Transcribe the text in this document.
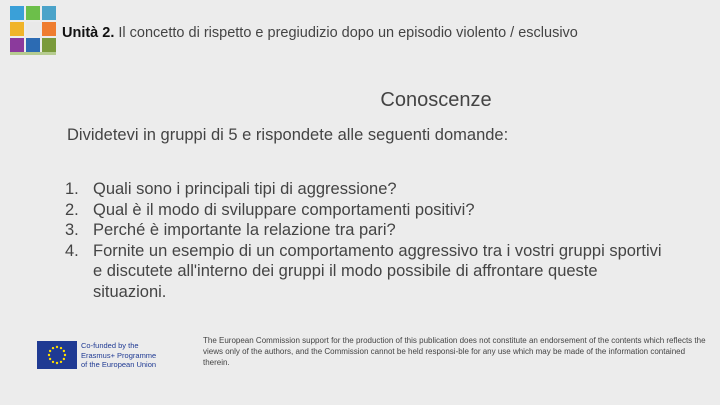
Unità 2. Il concetto di rispetto e pregiudizio dopo un episodio violento / esclusivo
Conoscenze
Dividetevi in gruppi di 5 e rispondete alle seguenti domande:
1. Quali sono i principali tipi di aggressione?
2. Qual è il modo di sviluppare comportamenti positivi?
3. Perché è importante la relazione tra pari?
4. Fornite un esempio di un comportamento aggressivo tra i vostri gruppi sportivi e discutete all'interno dei gruppi il modo possibile di affrontare queste situazioni.
Co-funded by the
Erasmus+ Programme
of the European Union
The European Commission support for the production of this publication does not constitute an endorsement of the contents which reflects the views only of the authors, and the Commission cannot be held responsi-ble for any use which may be made of the information contained therein.
